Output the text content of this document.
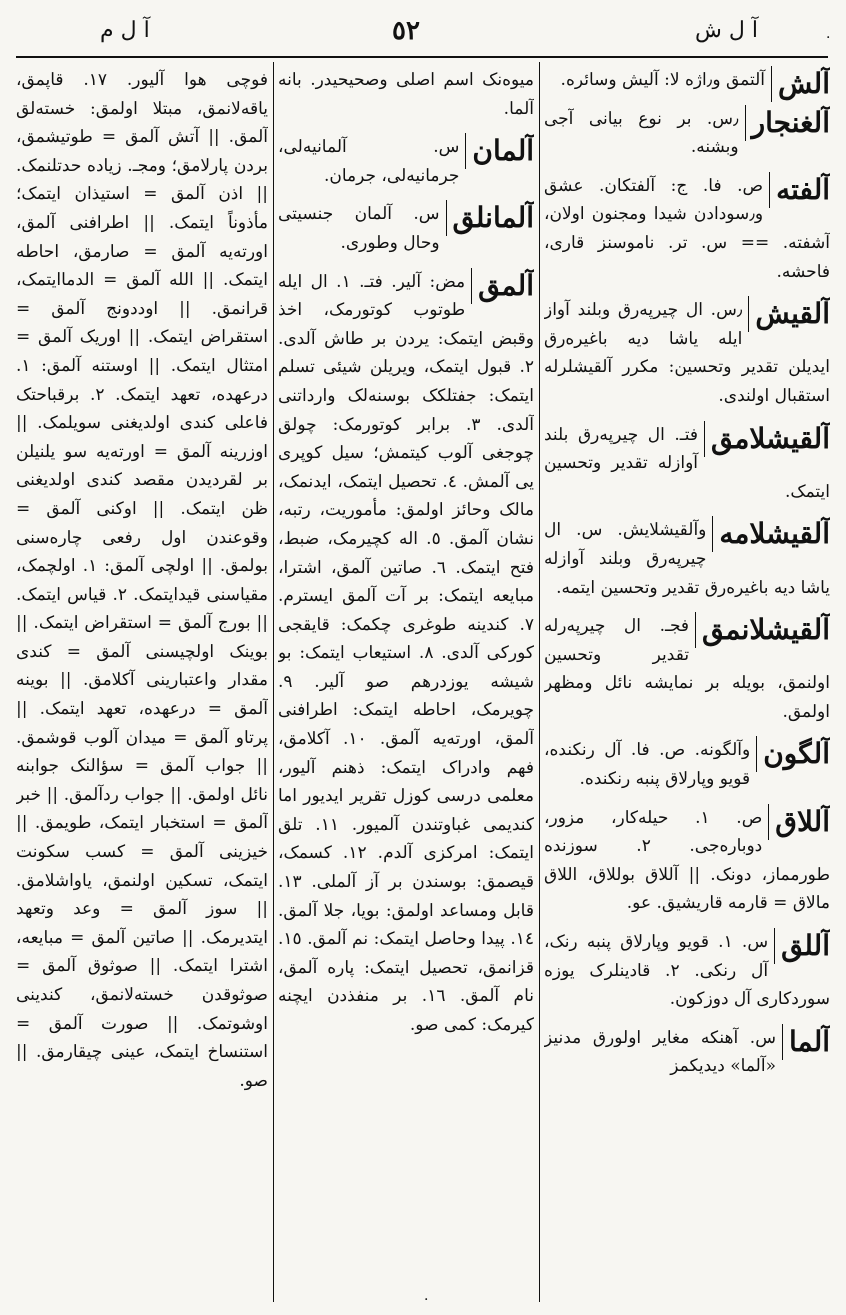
آ ل ش
٥٢
آ ل م
آلش
آلتمق و٫اژه لا: آلیش وسائره.
آلغنجار
٫س. بر نوع بیانی آجی وبشنه.
آلفته
ص. فا. ج: آلفتکان. عشق و٫سودادن شیدا ومجنون اولان، آشفته. == س. تر. ناموسنز قاری، فاحشه.
آلقیش
٫س. ال چیرپه‌رق وبلند آواز ایله یاشا دیه باغیره‌رق ایدیلن تقدیر وتحسین: مکرر آلقیشلرله استقبال اولندی.
آلقیشلامق
فتـ. ال چیرپه‌رق بلند آوازله تقدیر وتحسین ایتمک.
آلقیشلامه
وآلقیشلایش. س. ال چیرپه‌رق وبلند آوازله یاشا دیه باغیره‌رق تقدیر وتحسین ایتمه.
آلقیشلانمق
فجـ. ال چیرپه‌رله تقدیر وتحسین اولنمق، بویله بر نمایشه نائل ومظهر اولمق.
آلگون
وآلگونه. ص. فا. آل رنکنده، قویو وپارلاق پنبه رنکنده.
آللاق
ص. ١. حیله‌کار، مزور، دوباره‌جی. ٢. سوزنده طورمماز، دونک. || آللاق بوللاق، اللاق مالاق = قارمه قاریشیق. عو.
آللق
س. ١. قویو وپارلاق پنبه رنک، آل رنکی. ٢. قادینلرک یوزه سوردکاری آل دوزکون.
آلما
س. آهنکه مغایر اولورق مدنیز «آلما» دیدیکمز
میوه‌نک اسم اصلی وصحیحیدر. بانه آلما.
آلمان
س. آلمانیه‌لی، جرمانیه‌لی، جرمان.
آلمانلق
س. آلمان جنسیتی وحال وطوری.
آلمق
مض: آلیر. فتـ. ١. ال ایله طوتوب کوتورمک، اخذ وقبض ایتمک: یردن بر طاش آلدی. ٢. قبول ایتمک، ویریلن شیئی تسلم ایتمک: جفتلکک بوسنه‌لک وارداتنی آلدی. ٣. برابر کوتورمک: چولق چوجغی آلوب کیتمش؛ سیل کوپری یی آلمش. ٤. تحصیل ایتمک، ایدنمک، مالک وحائز اولمق: مأموریت، رتبه، نشان آلمق. ٥. اله کچیرمک، ضبط، فتح ایتمک. ٦. صاتین آلمق، اشترا، مبایعه ایتمک: بر آت آلمق ایسترم. ٧. کندینه طوغری چکمک: قایقجی کورکی آلدی. ٨. استیعاب ایتمک: بو شیشه یوزدرهم صو آلیر. ٩. چویرمک، احاطه ایتمک: اطرافنی آلمق، اورته‌یه آلمق. ١٠. آکلامق، فهم وادراک ایتمک: ذهنم آلیور، معلمی درسی کوزل تقریر ایدیور اما کندیمی غباوتندن آلمیور. ١١. تلق ایتمک: امرکزی آلدم. ١٢. کسمک، قیصمق: بوسندن بر آز آلملی. ١٣. قابل ومساعد اولمق: بویا، جلا آلمق. ١٤. پیدا وحاصل ایتمک: نم آلمق. ١٥. قزانمق، تحصیل ایتمک: پاره آلمق، نام آلمق. ١٦. بر منفذدن ایچنه کیرمک: کمی صو.
فوچی هوا آلیور. ١٧. قاپمق، یاقه‌لانمق، مبتلا اولمق: خسته‌لق آلمق. || آتش آلمق = طوتیشمق، بردن پارلامق؛ ومجـ. زیاده حدتلنمک. || اذن آلمق = استیذان ایتمک؛ مأذوناً ایتمک. || اطرافنی آلمق، اورته‌یه آلمق = صارمق، احاطه ایتمک. || الله آلمق = الدماایتمک، قرانمق. || اوددونج آلمق = استقراض ایتمک. || اوریک آلمق = امتثال ایتمک. || اوستنه آلمق: ١. درعهده، تعهد ایتمک. ٢. برقباحتک فاعلی کندی اولدیغنی سویلمک. || اوزرینه آلمق = اورته‌یه سو یلنیلن بر لقردیدن مقصد کندی اولدیغنی ظن ایتمک. || اوکنی آلمق = وقوعندن اول رفعی چاره‌سنی بولمق. || اولچی آلمق: ١. اولچمک، مقیاسنی قیدایتمک. ٢. قیاس ایتمک. || بورج آلمق = استقراض ایتمک. || بوینک اولچیسنی آلمق = کندی مقدار واعتبارینی آکلامق. || بوینه آلمق = درعهده، تعهد ایتمک. || پرتاو آلمق = میدان آلوب قوشمق. || جواب آلمق = سؤالنک جوابنه نائل اولمق. || جواب ردآلمق. || خبر آلمق = استخبار ایتمک، طویمق. || خیزینی آلمق = کسب سکونت ایتمک، تسکین اولنمق، یاواشلامق. || سوز آلمق = وعد وتعهد ایتدیرمک. || صاتین آلمق = مبایعه، اشترا ایتمک. || صوثوق آلمق = صوثوقدن خسته‌لانمق، کندینی اوشوتمک. || صورت آلمق = استنساخ ایتمک، عینی چیقارمق. || صو.
·
·
